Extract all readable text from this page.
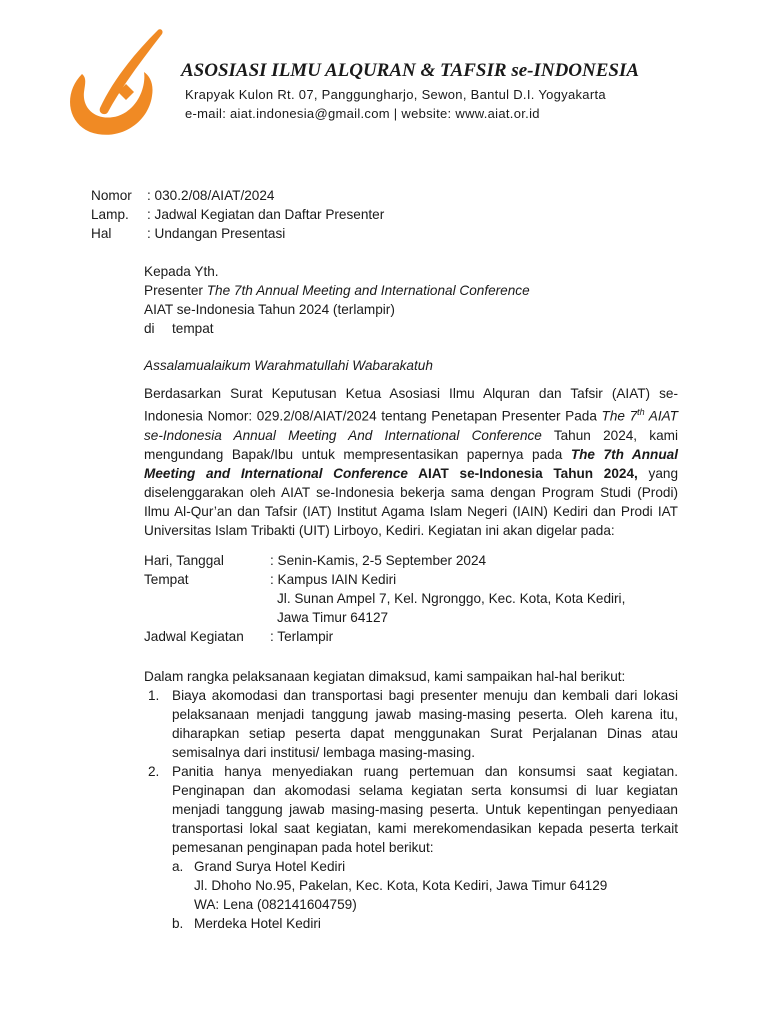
ASOSIASI ILMU ALQURAN & TAFSIR se-INDONESIA
Krapyak Kulon Rt. 07, Panggungharjo, Sewon, Bantul D.I. Yogyakarta
e-mail: aiat.indonesia@gmail.com | website: www.aiat.or.id
Nomor : 030.2/08/AIAT/2024
Lamp. : Jadwal Kegiatan dan Daftar Presenter
Hal	: Undangan Presentasi
Kepada Yth.
Presenter The 7th Annual Meeting and International Conference
AIAT se-Indonesia Tahun 2024 (terlampir)
di tempat
Assalamualaikum Warahmatullahi Wabarakatuh
Berdasarkan Surat Keputusan Ketua Asosiasi Ilmu Alquran dan Tafsir (AIAT) se-Indonesia Nomor: 029.2/08/AIAT/2024 tentang Penetapan Presenter Pada The 7th AIAT se-Indonesia Annual Meeting And International Conference Tahun 2024, kami mengundang Bapak/Ibu untuk mempresentasikan papernya pada The 7th Annual Meeting and International Conference AIAT se-Indonesia Tahun 2024, yang diselenggarakan oleh AIAT se-Indonesia bekerja sama dengan Program Studi (Prodi) Ilmu Al-Qur’an dan Tafsir (IAT) Institut Agama Islam Negeri (IAIN) Kediri dan Prodi IAT Universitas Islam Tribakti (UIT) Lirboyo, Kediri. Kegiatan ini akan digelar pada:
Hari, Tanggal	: Senin-Kamis, 2-5 September 2024
Tempat	: Kampus IAIN Kediri
Jl. Sunan Ampel 7, Kel. Ngronggo, Kec. Kota, Kota Kediri,
Jawa Timur 64127
Jadwal Kegiatan : Terlampir
Dalam rangka pelaksanaan kegiatan dimaksud, kami sampaikan hal-hal berikut:
1. Biaya akomodasi dan transportasi bagi presenter menuju dan kembali dari lokasi pelaksanaan menjadi tanggung jawab masing-masing peserta. Oleh karena itu, diharapkan setiap peserta dapat menggunakan Surat Perjalanan Dinas atau semisalnya dari institusi/ lembaga masing-masing.
2. Panitia hanya menyediakan ruang pertemuan dan konsumsi saat kegiatan. Penginapan dan akomodasi selama kegiatan serta konsumsi di luar kegiatan menjadi tanggung jawab masing-masing peserta. Untuk kepentingan penyediaan transportasi lokal saat kegiatan, kami merekomendasikan kepada peserta terkait pemesanan penginapan pada hotel berikut:
a. Grand Surya Hotel Kediri
Jl. Dhoho No.95, Pakelan, Kec. Kota, Kota Kediri, Jawa Timur 64129
WA: Lena (082141604759)
b. Merdeka Hotel Kediri
